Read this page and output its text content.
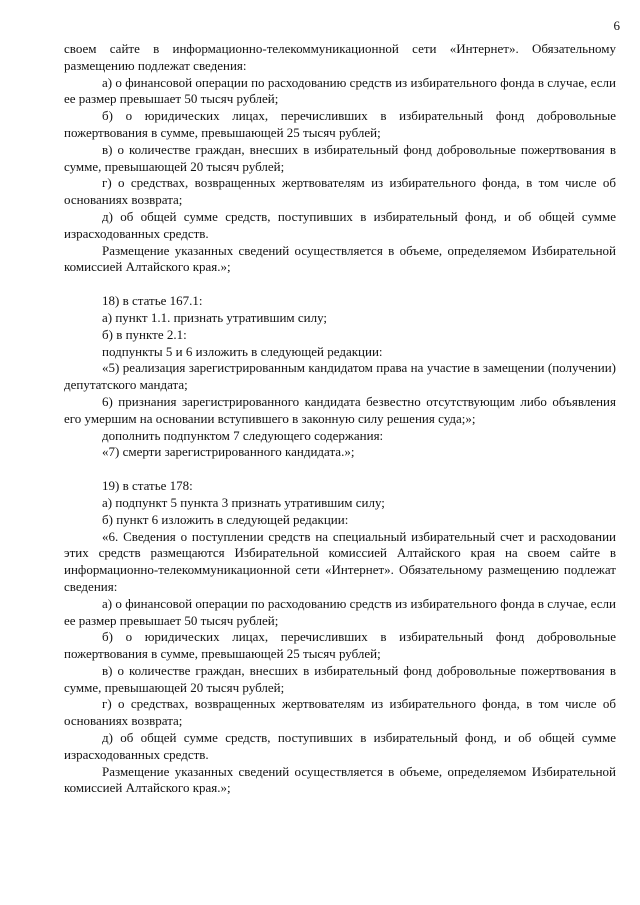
6

своем сайте в информационно-телекоммуникационной сети «Интернет». Обязательному

размещению подлежат сведения:

а) о финансовой операции по расходованию средств из избирательного фонда в случае, если ее размер превышает 50 тысяч рублей;

б) о юридических лицах, перечисливших в избирательный фонд добровольные пожертвования в сумме, превышающей 25 тысяч рублей;

в) о количестве граждан, внесших в избирательный фонд добровольные пожертвования в сумме, превышающей 20 тысяч рублей;

г) о средствах, возвращенных жертвователям из избирательного фонда, в том числе об основаниях возврата;

д) об общей сумме средств, поступивших в избирательный фонд, и об общей сумме израсходованных средств.

Размещение указанных сведений осуществляется в объеме, определяемом Избирательной комиссией Алтайского края.»;

18) в статье 167.1:

а) пункт 1.1. признать утратившим силу;

б) в пункте 2.1:

подпункты 5 и 6 изложить в следующей редакции:

«5) реализация зарегистрированным кандидатом права на участие в замещении (получении) депутатского мандата;

6) признания зарегистрированного кандидата безвестно отсутствующим либо объявления его умершим на основании вступившего в законную силу решения суда;»;

дополнить подпунктом 7 следующего содержания:

«7) смерти зарегистрированного кандидата.»;

19) в статье 178:

а) подпункт 5 пункта 3 признать утратившим силу;

б) пункт 6 изложить в следующей редакции:

«6. Сведения о поступлении средств на специальный избирательный счет и расходовании этих средств размещаются Избирательной комиссией Алтайского края на своем сайте в информационно-телекоммуникационной сети «Интернет». Обязательному размещению подлежат сведения:

а) о финансовой операции по расходованию средств из избирательного фонда в случае, если ее размер превышает 50 тысяч рублей;

б) о юридических лицах, перечисливших в избирательный фонд добровольные пожертвования в сумме, превышающей 25 тысяч рублей;

в) о количестве граждан, внесших в избирательный фонд добровольные пожертвования в сумме, превышающей 20 тысяч рублей;

г) о средствах, возвращенных жертвователям из избирательного фонда, в том числе об основаниях возврата;

д) об общей сумме средств, поступивших в избирательный фонд, и об общей сумме израсходованных средств.

Размещение указанных сведений осуществляется в объеме, определяемом Избирательной комиссией Алтайского края.»;
